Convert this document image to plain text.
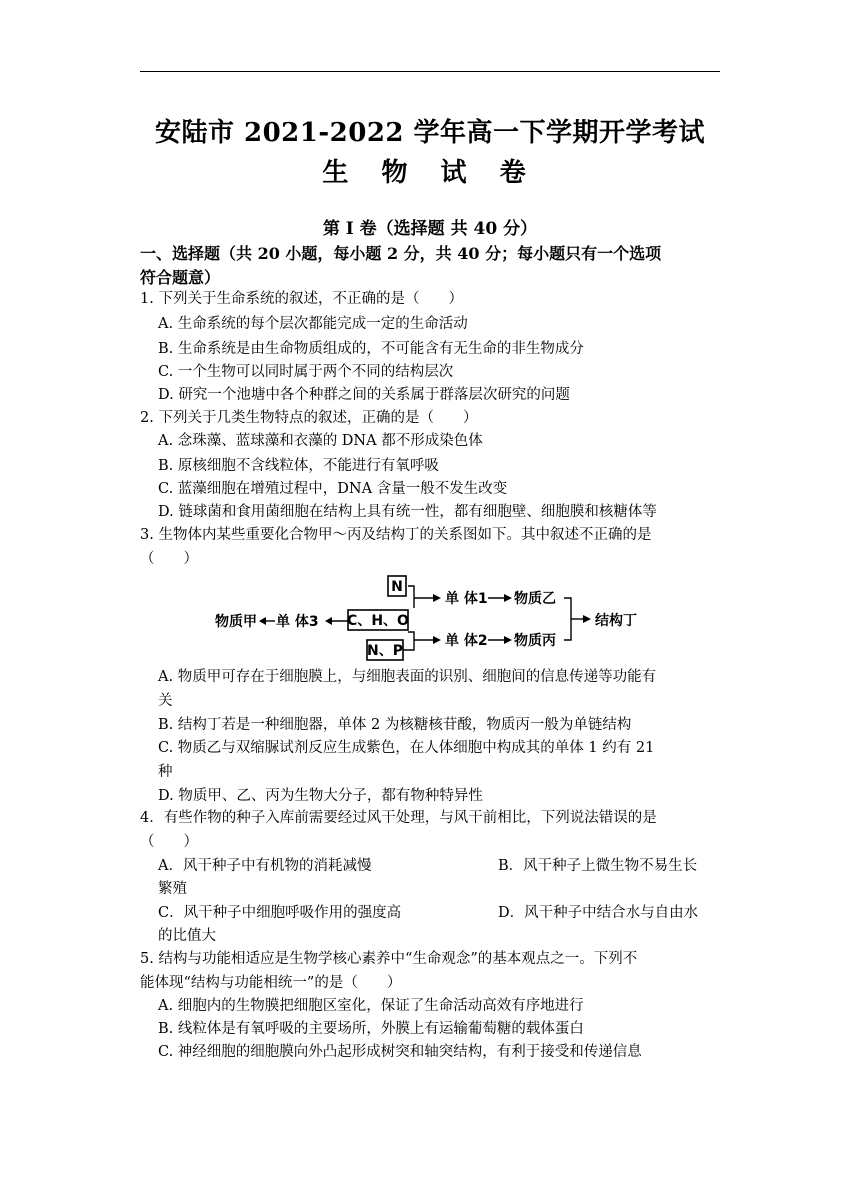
安陆市 2021-2022 学年高一下学期开学考试
生 物 试 卷
第 I 卷（选择题 共 40 分）
一、选择题（共 20 小题，每小题 2 分，共 40 分；每小题只有一个选项
符合题意）
1. 下列关于生命系统的叙述，不正确的是（　　）
A. 生命系统的每个层次都能完成一定的生命活动
B. 生命系统是由生命物质组成的，不可能含有无生命的非生物成分
C. 一个生物可以同时属于两个不同的结构层次
D. 研究一个池塘中各个种群之间的关系属于群落层次研究的问题
2. 下列关于几类生物特点的叙述，正确的是（　　）
A. 念珠藻、蓝球藻和衣藻的 DNA 都不形成染色体
B. 原核细胞不含线粒体，不能进行有氧呼吸
C. 蓝藻细胞在增殖过程中，DNA 含量一般不发生改变
D. 链球菌和食用菌细胞在结构上具有统一性，都有细胞壁、细胞膜和核糖体等
3. 生物体内某些重要化合物甲～丙及结构丁的关系图如下。其中叙述不正确的是
（　　）
N
C、H、O
N、P
物质甲 单 体3
单 体1
单 体2
物质乙
物质丙
结构丁
A. 物质甲可存在于细胞膜上，与细胞表面的识别、细胞间的信息传递等功能有
关
B. 结构丁若是一种细胞器，单体 2 为核糖核苷酸，物质丙一般为单链结构
C. 物质乙与双缩脲试剂反应生成紫色，在人体细胞中构成其的单体 1 约有 21
种
D. 物质甲、乙、丙为生物大分子，都有物种特异性
4．有些作物的种子入库前需要经过风干处理，与风干前相比，下列说法错误的是
（　　）
A．风干种子中有机物的消耗减慢	B．风干种子上微生物不易生长
繁殖
C．风干种子中细胞呼吸作用的强度高	D．风干种子中结合水与自由水
的比值大
5. 结构与功能相适应是生物学核心素养中“生命观念”的基本观点之一。下列不
能体现“结构与功能相统一”的是（　　）
A. 细胞内的生物膜把细胞区室化，保证了生命活动高效有序地进行
B. 线粒体是有氧呼吸的主要场所，外膜上有运输葡萄糖的载体蛋白
C. 神经细胞的细胞膜向外凸起形成树突和轴突结构，有利于接受和传递信息
